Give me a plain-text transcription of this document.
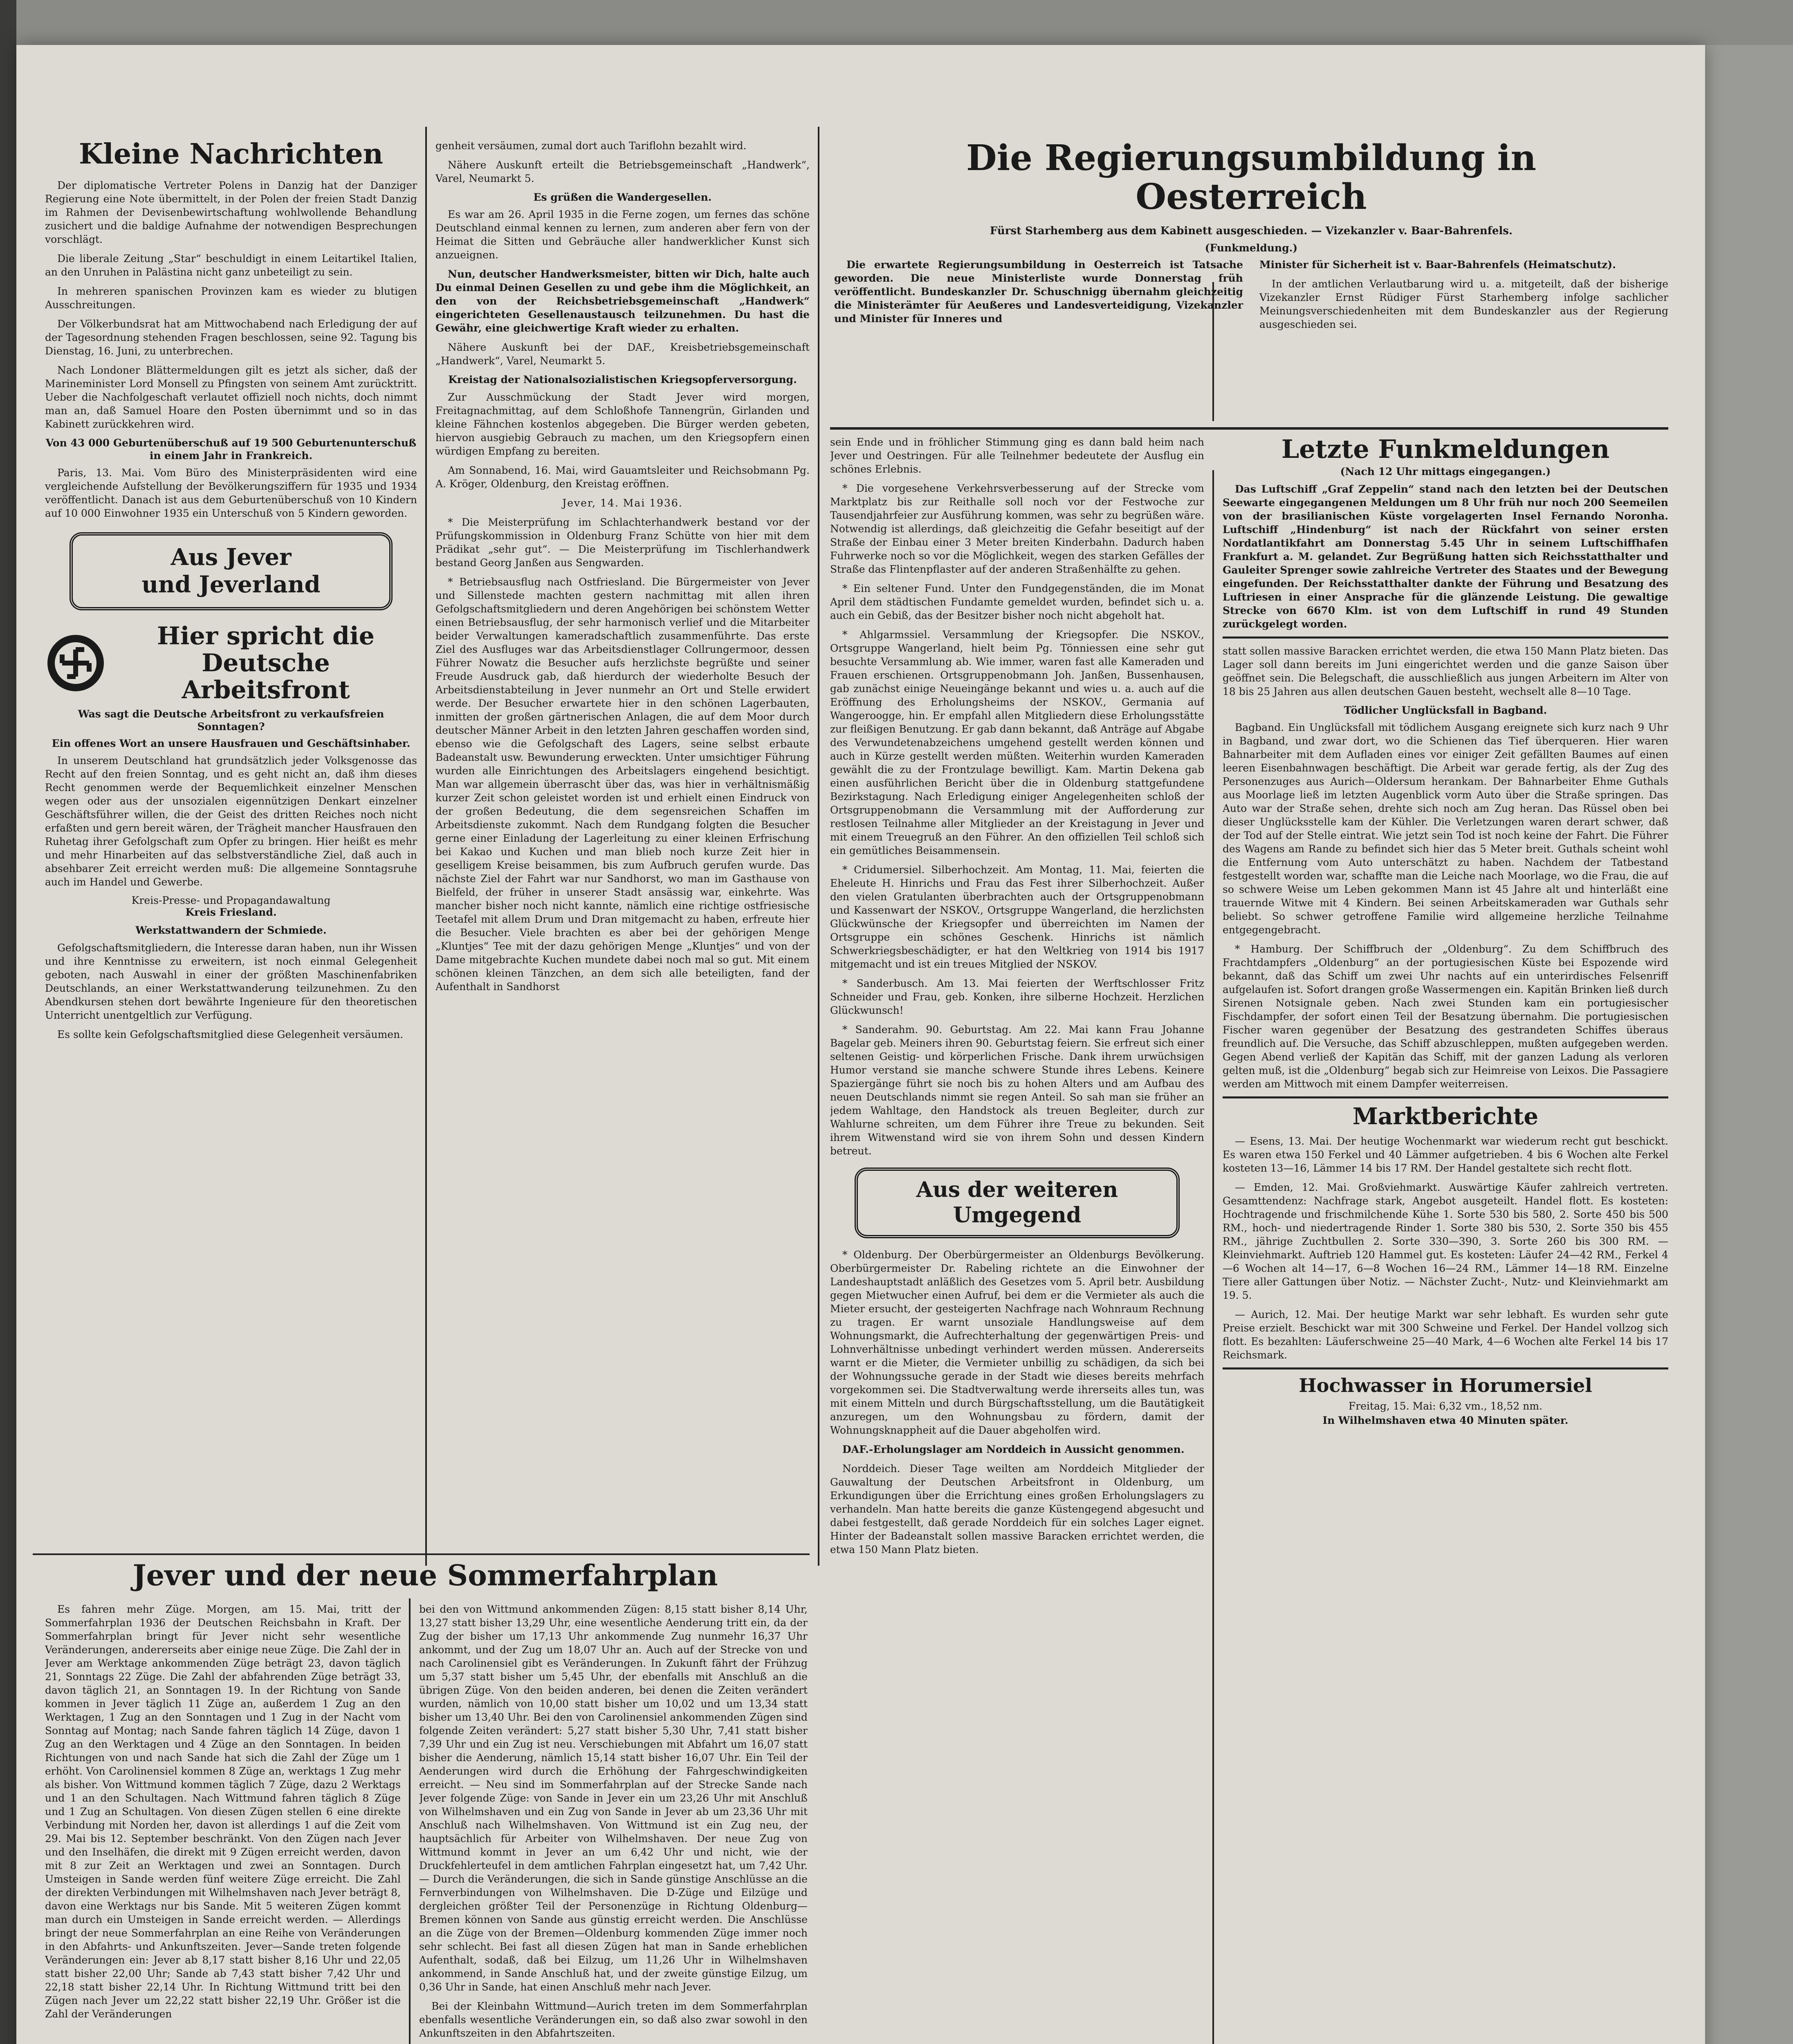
Kleine Nachrichten

Der diplomatische Vertreter Polens in Danzig hat der Danziger Regierung eine Note übermittelt, in der Polen der freien Stadt Danzig im Rahmen der Devisenbewirtschaftung wohlwollende Behandlung zusichert und die baldige Aufnahme der notwendigen Besprechungen vorschlägt.

Die liberale Zeitung „Star“ beschuldigt in einem Leitartikel Italien, an den Unruhen in Palästina nicht ganz unbeteiligt zu sein.

In mehreren spanischen Provinzen kam es wieder zu blutigen Ausschreitungen.

Der Völkerbundsrat hat am Mittwochabend nach Erledigung der auf der Tagesordnung stehenden Fragen beschlossen, seine 92. Tagung bis Dienstag, 16. Juni, zu unterbrechen.

Nach Londoner Blättermeldungen gilt es jetzt als sicher, daß der Marineminister Lord Monsell zu Pfingsten von seinem Amt zurücktritt. Ueber die Nachfolgeschaft verlautet offiziell noch nichts, doch nimmt man an, daß Samuel Hoare den Posten übernimmt und so in das Kabinett zurückkehren wird.

Von 43 000 Geburtenüberschuß auf 19 500 Geburtenunterschuß in einem Jahr in Frankreich.

Paris, 13. Mai. Vom Büro des Ministerpräsidenten wird eine vergleichende Aufstellung der Bevölkerungsziffern für 1935 und 1934 veröffentlicht. Danach ist aus dem Geburtenüberschuß von 10 Kindern auf 10 000 Einwohner 1935 ein Unterschuß von 5 Kindern geworden.

Aus Jever
und Jeverland
Hier spricht die
Deutsche Arbeitsfront

Was sagt die Deutsche Arbeitsfront zu verkaufsfreien Sonntagen?

Ein offenes Wort an unsere Hausfrauen und Geschäftsinhaber.

In unserem Deutschland hat grundsätzlich jeder Volksgenosse das Recht auf den freien Sonntag, und es geht nicht an, daß ihm dieses Recht genommen werde der Bequemlichkeit einzelner Menschen wegen oder aus der unsozialen eigennützigen Denkart einzelner Geschäftsführer willen, die der Geist des dritten Reiches noch nicht erfaßten und gern bereit wären, der Trägheit mancher Hausfrauen den Ruhetag ihrer Gefolgschaft zum Opfer zu bringen. Hier heißt es mehr und mehr Hinarbeiten auf das selbstverständliche Ziel, daß auch in absehbarer Zeit erreicht werden muß: Die allgemeine Sonntagsruhe auch im Handel und Gewerbe.

Kreis-Presse- und Propagandawaltung

Kreis Friesland.

Werkstattwandern der Schmiede.

Gefolgschaftsmitgliedern, die Interesse daran haben, nun ihr Wissen und ihre Kenntnisse zu erweitern, ist noch einmal Gelegenheit geboten, nach Auswahl in einer der größten Maschinenfabriken Deutschlands, an einer Werkstattwanderung teilzunehmen. Zu den Abendkursen stehen dort bewährte Ingenieure für den theoretischen Unterricht unentgeltlich zur Verfügung.

Es sollte kein Gefolgschaftsmitglied diese Gelegenheit versäumen.

genheit versäumen, zumal dort auch Tariflohn bezahlt wird.

Nähere Auskunft erteilt die Betriebsgemeinschaft „Handwerk“, Varel, Neumarkt 5.

Es grüßen die Wandergesellen.

Es war am 26. April 1935 in die Ferne zogen, um fernes das schöne Deutschland einmal kennen zu lernen, zum anderen aber fern von der Heimat die Sitten und Gebräuche aller handwerklicher Kunst sich anzueignen.

Nun, deutscher Handwerksmeister, bitten wir Dich, halte auch Du einmal Deinen Gesellen zu und gebe ihm die Möglichkeit, an den von der Reichsbetriebsgemeinschaft „Handwerk“ eingerichteten Gesellenaustausch teilzunehmen. Du hast die Gewähr, eine gleichwertige Kraft wieder zu erhalten.

Nähere Auskunft bei der DAF., Kreisbetriebsgemeinschaft „Handwerk“, Varel, Neumarkt 5.

Kreistag der Nationalsozialistischen Kriegsopferversorgung.

Zur Ausschmückung der Stadt Jever wird morgen, Freitagnachmittag, auf dem Schloßhofe Tannengrün, Girlanden und kleine Fähnchen kostenlos abgegeben. Die Bürger werden gebeten, hiervon ausgiebig Gebrauch zu machen, um den Kriegsopfern einen würdigen Empfang zu bereiten.

Am Sonnabend, 16. Mai, wird Gauamtsleiter und Reichsobmann Pg. A. Kröger, Oldenburg, den Kreistag eröffnen.

Jever, 14. Mai 1936.

* Die Meisterprüfung im Schlachterhandwerk bestand vor der Prüfungskommission in Oldenburg Franz Schütte von hier mit dem Prädikat „sehr gut“. — Die Meisterprüfung im Tischlerhandwerk bestand Georg Janßen aus Sengwarden.

* Betriebsausflug nach Ostfriesland. Die Bürgermeister von Jever und Sillenstede machten gestern nachmittag mit allen ihren Gefolgschaftsmitgliedern und deren Angehörigen bei schönstem Wetter einen Betriebsausflug, der sehr harmonisch verlief und die Mitarbeiter beider Verwaltungen kameradschaftlich zusammenführte. Das erste Ziel des Ausfluges war das Arbeitsdienstlager Collrungermoor, dessen Führer Nowatz die Besucher aufs herzlichste begrüßte und seiner Freude Ausdruck gab, daß hierdurch der wiederholte Besuch der Arbeitsdienstabteilung in Jever nunmehr an Ort und Stelle erwidert werde. Der Besucher erwartete hier in den schönen Lagerbauten, inmitten der großen gärtnerischen Anlagen, die auf dem Moor durch deutscher Männer Arbeit in den letzten Jahren geschaffen worden sind, ebenso wie die Gefolgschaft des Lagers, seine selbst erbaute Badeanstalt usw. Bewunderung erweckten. Unter umsichtiger Führung wurden alle Einrichtungen des Arbeitslagers eingehend besichtigt. Man war allgemein überrascht über das, was hier in verhältnismäßig kurzer Zeit schon geleistet worden ist und erhielt einen Eindruck von der großen Bedeutung, die dem segensreichen Schaffen im Arbeitsdienste zukommt. Nach dem Rundgang folgten die Besucher gerne einer Einladung der Lagerleitung zu einer kleinen Erfrischung bei Kakao und Kuchen und man blieb noch kurze Zeit hier in geselligem Kreise beisammen, bis zum Aufbruch gerufen wurde. Das nächste Ziel der Fahrt war nur Sandhorst, wo man im Gasthause von Bielfeld, der früher in unserer Stadt ansässig war, einkehrte. Was mancher bisher noch nicht kannte, nämlich eine richtige ostfriesische Teetafel mit allem Drum und Dran mitgemacht zu haben, erfreute hier die Besucher. Viele brachten es aber bei der gehörigen Menge „Kluntjes“ Tee mit der dazu gehörigen Menge „Kluntjes“ und von der Dame mitgebrachte Kuchen mundete dabei noch mal so gut. Mit einem schönen kleinen Tänzchen, an dem sich alle beteiligten, fand der Aufenthalt in Sandhorst

Jever und der neue Sommerfahrplan

Es fahren mehr Züge. Morgen, am 15. Mai, tritt der Sommerfahrplan 1936 der Deutschen Reichsbahn in Kraft. Der Sommerfahrplan bringt für Jever nicht sehr wesentliche Veränderungen, andererseits aber einige neue Züge. Die Zahl der in Jever am Werktage ankommenden Züge beträgt 23, davon täglich 21, Sonntags 22 Züge. Die Zahl der abfahrenden Züge beträgt 33, davon täglich 21, an Sonntagen 19. In der Richtung von Sande kommen in Jever täglich 11 Züge an, außerdem 1 Zug an den Werktagen, 1 Zug an den Sonntagen und 1 Zug in der Nacht vom Sonntag auf Montag; nach Sande fahren täglich 14 Züge, davon 1 Zug an den Werktagen und 4 Züge an den Sonntagen. In beiden Richtungen von und nach Sande hat sich die Zahl der Züge um 1 erhöht. Von Carolinensiel kommen 8 Züge an, werktags 1 Zug mehr als bisher. Von Wittmund kommen täglich 7 Züge, dazu 2 Werktags und 1 an den Schultagen. Nach Wittmund fahren täglich 8 Züge und 1 Zug an Schultagen. Von diesen Zügen stellen 6 eine direkte Verbindung mit Norden her, davon ist allerdings 1 auf die Zeit vom 29. Mai bis 12. September beschränkt. Von den Zügen nach Jever und den Inselhäfen, die direkt mit 9 Zügen erreicht werden, davon mit 8 zur Zeit an Werktagen und zwei an Sonntagen. Durch Umsteigen in Sande werden fünf weitere Züge erreicht. Die Zahl der direkten Verbindungen mit Wilhelmshaven nach Jever beträgt 8, davon eine Werktags nur bis Sande. Mit 5 weiteren Zügen kommt man durch ein Umsteigen in Sande erreicht werden. — Allerdings bringt der neue Sommerfahrplan an eine Reihe von Veränderungen in den Abfahrts- und Ankunftszeiten. Jever—Sande treten folgende Veränderungen ein: Jever ab 8,17 statt bisher 8,16 Uhr und 22,05 statt bisher 22,00 Uhr; Sande ab 7,43 statt bisher 7,42 Uhr und 22,18 statt bisher 22,14 Uhr. In Richtung Wittmund tritt bei den Zügen nach Jever um 22,22 statt bisher 22,19 Uhr. Größer ist die Zahl der Veränderungen

bei den von Wittmund ankommenden Zügen: 8,15 statt bisher 8,14 Uhr, 13,27 statt bisher 13,29 Uhr, eine wesentliche Aenderung tritt ein, da der Zug der bisher um 17,13 Uhr ankommende Zug nunmehr 16,37 Uhr ankommt, und der Zug um 18,07 Uhr an. Auch auf der Strecke von und nach Carolinensiel gibt es Veränderungen. In Zukunft fährt der Frühzug um 5,37 statt bisher um 5,45 Uhr, der ebenfalls mit Anschluß an die übrigen Züge. Von den beiden anderen, bei denen die Zeiten verändert wurden, nämlich von 10,00 statt bisher um 10,02 und um 13,34 statt bisher um 13,40 Uhr. Bei den von Carolinensiel ankommenden Zügen sind folgende Zeiten verändert: 5,27 statt bisher 5,30 Uhr, 7,41 statt bisher 7,39 Uhr und ein Zug ist neu. Verschiebungen mit Abfahrt um 16,07 statt bisher die Aenderung, nämlich 15,14 statt bisher 16,07 Uhr. Ein Teil der Aenderungen wird durch die Erhöhung der Fahrgeschwindigkeiten erreicht. — Neu sind im Sommerfahrplan auf der Strecke Sande nach Jever folgende Züge: von Sande in Jever ein um 23,26 Uhr mit Anschluß von Wilhelmshaven und ein Zug von Sande in Jever ab um 23,36 Uhr mit Anschluß nach Wilhelmshaven. Von Wittmund ist ein Zug neu, der hauptsächlich für Arbeiter von Wilhelmshaven. Der neue Zug von Wittmund kommt in Jever an um 6,42 Uhr und nicht, wie der Druckfehlerteufel in dem amtlichen Fahrplan eingesetzt hat, um 7,42 Uhr. — Durch die Veränderungen, die sich in Sande günstige Anschlüsse an die Fernverbindungen von Wilhelmshaven. Die D-Züge und Eilzüge und dergleichen größter Teil der Personenzüge in Richtung Oldenburg—Bremen können von Sande aus günstig erreicht werden. Die Anschlüsse an die Züge von der Bremen—Oldenburg kommenden Züge immer noch sehr schlecht. Bei fast all diesen Zügen hat man in Sande erheblichen Aufenthalt, sodaß, daß bei Eilzug, um 11,26 Uhr in Wilhelmshaven ankommend, in Sande Anschluß hat, und der zweite günstige Eilzug, um 0,36 Uhr in Sande, hat einen Anschluß mehr nach Jever.

Bei der Kleinbahn Wittmund—Aurich treten im dem Sommerfahrplan ebenfalls wesentliche Veränderungen ein, so daß also zwar sowohl in den Ankunftszeiten in den Abfahrtszeiten.

Die Regierungsumbildung in
Oesterreich

Fürst Starhemberg aus dem Kabinett ausgeschieden. — Vizekanzler v. Baar-Bahrenfels.

(Funkmeldung.)

Die erwartete Regierungsumbildung in Oesterreich ist Tatsache geworden. Die neue Ministerliste wurde Donnerstag früh veröffentlicht. Bundeskanzler Dr. Schuschnigg übernahm gleichzeitig die Ministerämter für Aeußeres und Landesverteidigung, Vizekanzler und Minister für Inneres und

Minister für Sicherheit ist v. Baar-Bahrenfels (Heimatschutz).

In der amtlichen Verlautbarung wird u. a. mitgeteilt, daß der bisherige Vizekanzler Ernst Rüdiger Fürst Starhemberg infolge sachlicher Meinungsverschiedenheiten mit dem Bundeskanzler aus der Regierung ausgeschieden sei.

sein Ende und in fröhlicher Stimmung ging es dann bald heim nach Jever und Oestringen. Für alle Teilnehmer bedeutete der Ausflug ein schönes Erlebnis.

* Die vorgesehene Verkehrsverbesserung auf der Strecke vom Marktplatz bis zur Reithalle soll noch vor der Festwoche zur Tausendjahrfeier zur Ausführung kommen, was sehr zu begrüßen wäre. Notwendig ist allerdings, daß gleichzeitig die Gefahr beseitigt auf der Straße der Einbau einer 3 Meter breiten Kinderbahn. Dadurch haben Fuhrwerke noch so vor die Möglichkeit, wegen des starken Gefälles der Straße das Flintenpflaster auf der anderen Straßenhälfte zu gehen.

* Ein seltener Fund. Unter den Fundgegenständen, die im Monat April dem städtischen Fundamte gemeldet wurden, befindet sich u. a. auch ein Gebiß, das der Besitzer bisher noch nicht abgeholt hat.

* Ahlgarmssiel. Versammlung der Kriegsopfer. Die NSKOV., Ortsgruppe Wangerland, hielt beim Pg. Tönniessen eine sehr gut besuchte Versammlung ab. Wie immer, waren fast alle Kameraden und Frauen erschienen. Ortsgruppenobmann Joh. Janßen, Bussenhausen, gab zunächst einige Neueingänge bekannt und wies u. a. auch auf die Eröffnung des Erholungsheims der NSKOV., Germania auf Wangeroogge, hin. Er empfahl allen Mitgliedern diese Erholungsstätte zur fleißigen Benutzung. Er gab dann bekannt, daß Anträge auf Abgabe des Verwundetenabzeichens umgehend gestellt werden können und auch in Kürze gestellt werden müßten. Weiterhin wurden Kameraden gewählt die zu der Frontzulage bewilligt. Kam. Martin Dekena gab einen ausführlichen Bericht über die in Oldenburg stattgefundene Bezirkstagung. Nach Erledigung einiger Angelegenheiten schloß der Ortsgruppenobmann die Versammlung mit der Aufforderung zur restlosen Teilnahme aller Mitglieder an der Kreistagung in Jever und mit einem Treuegruß an den Führer. An den offiziellen Teil schloß sich ein gemütliches Beisammensein.

* Cridumersiel. Silberhochzeit. Am Montag, 11. Mai, feierten die Eheleute H. Hinrichs und Frau das Fest ihrer Silberhochzeit. Außer den vielen Gratulanten überbrachten auch der Ortsgruppenobmann und Kassenwart der NSKOV., Ortsgruppe Wangerland, die herzlichsten Glückwünsche der Kriegsopfer und überreichten im Namen der Ortsgruppe ein schönes Geschenk. Hinrichs ist nämlich Schwerkriegsbeschädigter, er hat den Weltkrieg von 1914 bis 1917 mitgemacht und ist ein treues Mitglied der NSKOV.

* Sanderbusch. Am 13. Mai feierten der Werftschlosser Fritz Schneider und Frau, geb. Konken, ihre silberne Hochzeit. Herzlichen Glückwunsch!

* Sanderahm. 90. Geburtstag. Am 22. Mai kann Frau Johanne Bagelar geb. Meiners ihren 90. Geburtstag feiern. Sie erfreut sich einer seltenen Geistig- und körperlichen Frische. Dank ihrem urwüchsigen Humor verstand sie manche schwere Stunde ihres Lebens. Keinere Spaziergänge führt sie noch bis zu hohen Alters und am Aufbau des neuen Deutschlands nimmt sie regen Anteil. So sah man sie früher an jedem Wahltage, den Handstock als treuen Begleiter, durch zur Wahlurne schreiten, um dem Führer ihre Treue zu bekunden. Seit ihrem Witwenstand wird sie von ihrem Sohn und dessen Kindern betreut.

Aus der weiteren
Umgegend

* Oldenburg. Der Oberbürgermeister an Oldenburgs Bevölkerung. Oberbürgermeister Dr. Rabeling richtete an die Einwohner der Landeshauptstadt anläßlich des Gesetzes vom 5. April betr. Ausbildung gegen Mietwucher einen Aufruf, bei dem er die Vermieter als auch die Mieter ersucht, der gesteigerten Nachfrage nach Wohnraum Rechnung zu tragen. Er warnt unsoziale Handlungsweise auf dem Wohnungsmarkt, die Aufrechterhaltung der gegenwärtigen Preis- und Lohnverhältnisse unbedingt verhindert werden müssen. Andererseits warnt er die Mieter, die Vermieter unbillig zu schädigen, da sich bei der Wohnungssuche gerade in der Stadt wie dieses bereits mehrfach vorgekommen sei. Die Stadtverwaltung werde ihrerseits alles tun, was mit einem Mitteln und durch Bürgschaftsstellung, um die Bautätigkeit anzuregen, um den Wohnungsbau zu fördern, damit der Wohnungsknappheit auf die Dauer abgeholfen wird.

DAF.-Erholungslager am Norddeich in Aussicht genommen.

Norddeich. Dieser Tage weilten am Norddeich Mitglieder der Gauwaltung der Deutschen Arbeitsfront in Oldenburg, um Erkundigungen über die Errichtung eines großen Erholungslagers zu verhandeln. Man hatte bereits die ganze Küstengegend abgesucht und dabei festgestellt, daß gerade Norddeich für ein solches Lager eignet. Hinter der Badeanstalt sollen massive Baracken errichtet werden, die etwa 150 Mann Platz bieten.

Letzte Funkmeldungen

(Nach 12 Uhr mittags eingegangen.)

Das Luftschiff „Graf Zeppelin“ stand nach den letzten bei der Deutschen Seewarte eingegangenen Meldungen um 8 Uhr früh nur noch 200 Seemeilen von der brasilianischen Küste vorgelagerten Insel Fernando Noronha. Luftschiff „Hindenburg“ ist nach der Rückfahrt von seiner ersten Nordatlantikfahrt am Donnerstag 5.45 Uhr in seinem Luftschiffhafen Frankfurt a. M. gelandet. Zur Begrüßung hatten sich Reichsstatthalter und Gauleiter Sprenger sowie zahlreiche Vertreter des Staates und der Bewegung eingefunden. Der Reichsstatthalter dankte der Führung und Besatzung des Luftriesen in einer Ansprache für die glänzende Leistung. Die gewaltige Strecke von 6670 Klm. ist von dem Luftschiff in rund 49 Stunden zurückgelegt worden.

statt sollen massive Baracken errichtet werden, die etwa 150 Mann Platz bieten. Das Lager soll dann bereits im Juni eingerichtet werden und die ganze Saison über geöffnet sein. Die Belegschaft, die ausschließlich aus jungen Arbeitern im Alter von 18 bis 25 Jahren aus allen deutschen Gauen besteht, wechselt alle 8—10 Tage.

Tödlicher Unglücksfall in Bagband.

Bagband. Ein Unglücksfall mit tödlichem Ausgang ereignete sich kurz nach 9 Uhr in Bagband, und zwar dort, wo die Schienen das Tief überqueren. Hier waren Bahnarbeiter mit dem Aufladen eines vor einiger Zeit gefällten Baumes auf einen leeren Eisenbahnwagen beschäftigt. Die Arbeit war gerade fertig, als der Zug des Personenzuges aus Aurich—Oldersum herankam. Der Bahnarbeiter Ehme Guthals aus Moorlage ließ im letzten Augenblick vorm Auto über die Straße springen. Das Auto war der Straße sehen, drehte sich noch am Zug heran. Das Rüssel oben bei dieser Unglücksstelle kam der Kühler. Die Verletzungen waren derart schwer, daß der Tod auf der Stelle eintrat. Wie jetzt sein Tod ist noch keine der Fahrt. Die Führer des Wagens am Rande zu befindet sich hier das 5 Meter breit. Guthals scheint wohl die Entfernung vom Auto unterschätzt zu haben. Nachdem der Tatbestand festgestellt worden war, schaffte man die Leiche nach Moorlage, wo die Frau, die auf so schwere Weise um Leben gekommen Mann ist 45 Jahre alt und hinterläßt eine trauernde Witwe mit 4 Kindern. Bei seinen Arbeitskameraden war Guthals sehr beliebt. So schwer getroffene Familie wird allgemeine herzliche Teilnahme entgegengebracht.

* Hamburg. Der Schiffbruch der „Oldenburg“. Zu dem Schiffbruch des Frachtdampfers „Oldenburg“ an der portugiesischen Küste bei Espozende wird bekannt, daß das Schiff um zwei Uhr nachts auf ein unterirdisches Felsenriff aufgelaufen ist. Sofort drangen große Wassermengen ein. Kapitän Brinken ließ durch Sirenen Notsignale geben. Nach zwei Stunden kam ein portugiesischer Fischdampfer, der sofort einen Teil der Besatzung übernahm. Die portugiesischen Fischer waren gegenüber der Besatzung des gestrandeten Schiffes überaus freundlich auf. Die Versuche, das Schiff abzuschleppen, mußten aufgegeben werden. Gegen Abend verließ der Kapitän das Schiff, mit der ganzen Ladung als verloren gelten muß, ist die „Oldenburg“ begab sich zur Heimreise von Leixos. Die Passagiere werden am Mittwoch mit einem Dampfer weiterreisen.

Marktberichte

— Esens, 13. Mai. Der heutige Wochenmarkt war wiederum recht gut beschickt. Es waren etwa 150 Ferkel und 40 Lämmer aufgetrieben. 4 bis 6 Wochen alte Ferkel kosteten 13—16, Lämmer 14 bis 17 RM. Der Handel gestaltete sich recht flott.

— Emden, 12. Mai. Großviehmarkt. Auswärtige Käufer zahlreich vertreten. Gesamttendenz: Nachfrage stark, Angebot ausgeteilt. Handel flott. Es kosteten: Hochtragende und frischmilchende Kühe 1. Sorte 530 bis 580, 2. Sorte 450 bis 500 RM., hoch- und niedertragende Rinder 1. Sorte 380 bis 530, 2. Sorte 350 bis 455 RM., jährige Zuchtbullen 2. Sorte 330—390, 3. Sorte 260 bis 300 RM. — Kleinviehmarkt. Auftrieb 120 Hammel gut. Es kosteten: Läufer 24—42 RM., Ferkel 4—6 Wochen alt 14—17, 6—8 Wochen 16—24 RM., Lämmer 14—18 RM. Einzelne Tiere aller Gattungen über Notiz. — Nächster Zucht-, Nutz- und Kleinviehmarkt am 19. 5.

— Aurich, 12. Mai. Der heutige Markt war sehr lebhaft. Es wurden sehr gute Preise erzielt. Beschickt war mit 300 Schweine und Ferkel. Der Handel vollzog sich flott. Es bezahlten: Läuferschweine 25—40 Mark, 4—6 Wochen alte Ferkel 14 bis 17 Reichsmark.

Hochwasser in Horumersiel

Freitag, 15. Mai: 6,32 vm., 18,52 nm.

In Wilhelmshaven etwa 40 Minuten später.
